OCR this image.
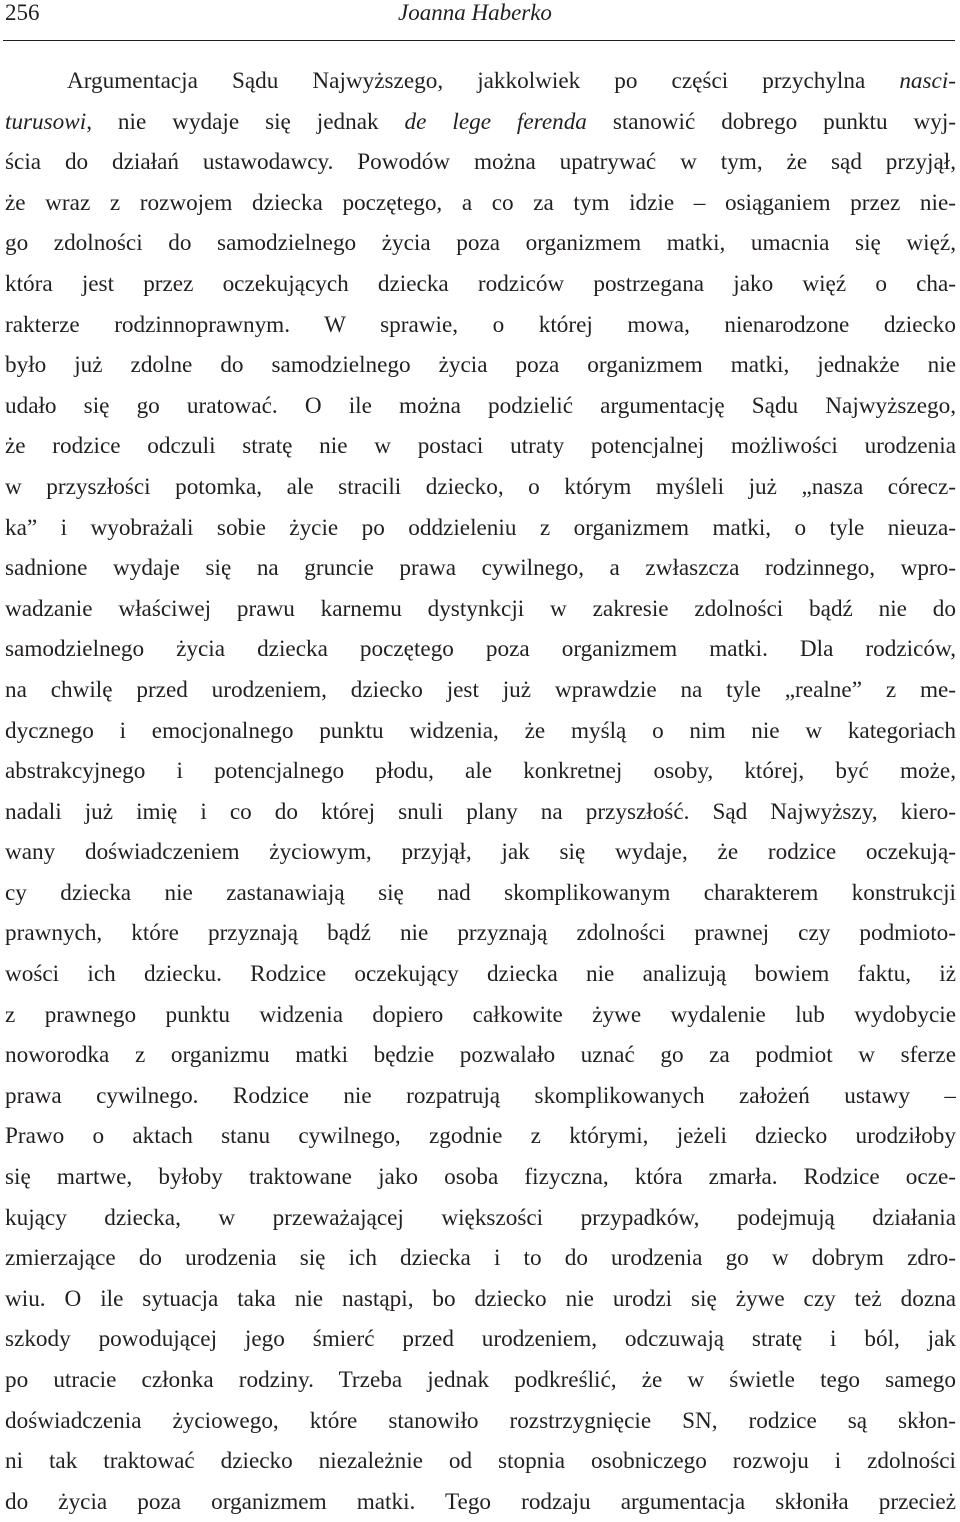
256	Joanna Haberko
Argumentacja Sądu Najwyższego, jakkolwiek po części przychylna nasci-
turusowi, nie wydaje się jednak de lege ferenda stanowić dobrego punktu wyj-
ścia do działań ustawodawcy. Powodów można upatrywać w tym, że sąd przyjął,
że wraz z rozwojem dziecka poczętego, a co za tym idzie – osiąganiem przez nie-
go zdolności do samodzielnego życia poza organizmem matki, umacnia się więź,
która jest przez oczekujących dziecka rodziców postrzegana jako więź o cha-
rakterze rodzinnoprawnym. W sprawie, o której mowa, nienarodzone dziecko
było już zdolne do samodzielnego życia poza organizmem matki, jednakże nie
udało się go uratować. O ile można podzielić argumentację Sądu Najwyższego,
że rodzice odczuli stratę nie w postaci utraty potencjalnej możliwości urodzenia
w przyszłości potomka, ale stracili dziecko, o którym myśleli już „nasza córecz-
ka” i wyobrażali sobie życie po oddzieleniu z organizmem matki, o tyle nieuza-
sadnione wydaje się na gruncie prawa cywilnego, a zwłaszcza rodzinnego, wpro-
wadzanie właściwej prawu karnemu dystynkcji w zakresie zdolności bądź nie do
samodzielnego życia dziecka poczętego poza organizmem matki. Dla rodziców,
na chwilę przed urodzeniem, dziecko jest już wprawdzie na tyle „realne” z me-
dycznego i emocjonalnego punktu widzenia, że myślą o nim nie w kategoriach
abstrakcyjnego i potencjalnego płodu, ale konkretnej osoby, której, być może,
nadali już imię i co do której snuli plany na przyszłość. Sąd Najwyższy, kiero-
wany doświadczeniem życiowym, przyjął, jak się wydaje, że rodzice oczekują-
cy dziecka nie zastanawiają się nad skomplikowanym charakterem konstrukcji
prawnych, które przyznają bądź nie przyznają zdolności prawnej czy podmioto-
wości ich dziecku. Rodzice oczekujący dziecka nie analizują bowiem faktu, iż
z prawnego punktu widzenia dopiero całkowite żywe wydalenie lub wydobycie
noworodka z organizmu matki będzie pozwalało uznać go za podmiot w sferze
prawa cywilnego. Rodzice nie rozpatrują skomplikowanych założeń ustawy –
Prawo o aktach stanu cywilnego, zgodnie z którymi, jeżeli dziecko urodziłoby
się martwe, byłoby traktowane jako osoba fizyczna, która zmarła. Rodzice ocze-
kujący dziecka, w przeważającej większości przypadków, podejmują działania
zmierzające do urodzenia się ich dziecka i to do urodzenia go w dobrym zdro-
wiu. O ile sytuacja taka nie nastąpi, bo dziecko nie urodzi się żywe czy też dozna
szkody powodującej jego śmierć przed urodzeniem, odczuwają stratę i ból, jak
po utracie członka rodziny. Trzeba jednak podkreślić, że w świetle tego samego
doświadczenia życiowego, które stanowiło rozstrzygnięcie SN, rodzice są skłon-
ni tak traktować dziecko niezależnie od stopnia osobniczego rozwoju i zdolności
do życia poza organizmem matki. Tego rodzaju argumentacja skłoniła przecież
